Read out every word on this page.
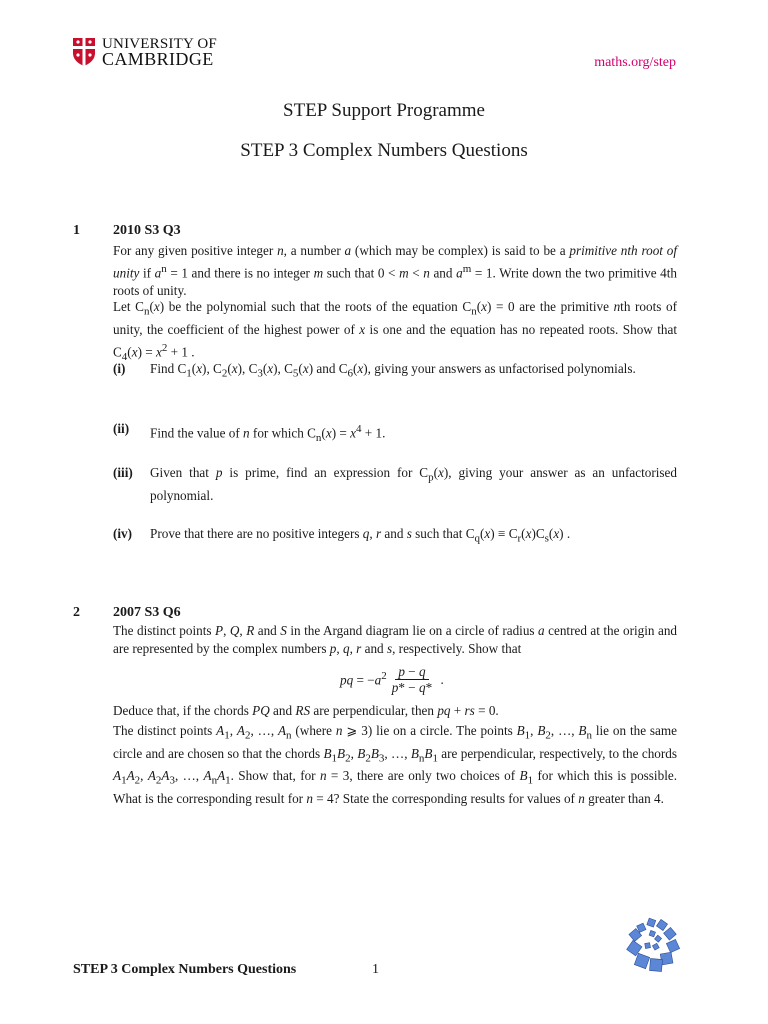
UNIVERSITY OF
CAMBRIDGE	maths.org/step
STEP Support Programme
STEP 3 Complex Numbers Questions
1 2010 S3 Q3
For any given positive integer n, a number a (which may be complex) is said to be a primitive nth root of unity if $a^n = 1$ and there is no integer m such that 0 < m < n and $a^m = 1$. Write down the two primitive 4th roots of unity.
Let $C_n(x)$ be the polynomial such that the roots of the equation $C_n(x) = 0$ are the primitive nth roots of unity, the coefficient of the highest power of x is one and the equation has no repeated roots. Show that $C_4(x) = x^2 + 1$ .
(i) Find $C_1(x)$, $C_2(x)$, $C_3(x)$, $C_5(x)$ and $C_6(x)$, giving your answers as unfactorised polynomials.
(ii) Find the value of n for which $C_n(x) = x^4 + 1$.
(iii) Given that p is prime, find an expression for $C_p(x)$, giving your answer as an unfactorised polynomial.
(iv) Prove that there are no positive integers q, r and s such that $C_q(x) \equiv C_r(x)C_s(x)$ .
2 2007 S3 Q6
The distinct points P, Q, R and S in the Argand diagram lie on a circle of radius a centred at the origin and are represented by the complex numbers p, q, r and s, respectively. Show that
pq = $-a^2 \frac{p - q}{p* - q*}$ .
Deduce that, if the chords PQ and RS are perpendicular, then pq + rs = 0.
The distinct points $A_1$, $A_2$, …, $A_n$ (where n ⩾ 3) lie on a circle. The points $B_1$, $B_2$, …, $B_n$ lie on the same circle and are chosen so that the chords $B_1B_2$, $B_2B_3$, …, $B_nB_1$ are perpendicular, respectively, to the chords $A_1A_2$, $A_2A_3$, …, $A_nA_1$. Show that, for n = 3, there are only two choices of $B_1$ for which this is possible. What is the corresponding result for n = 4? State the corresponding results for values of n greater than 4.
STEP 3 Complex Numbers Questions	1
